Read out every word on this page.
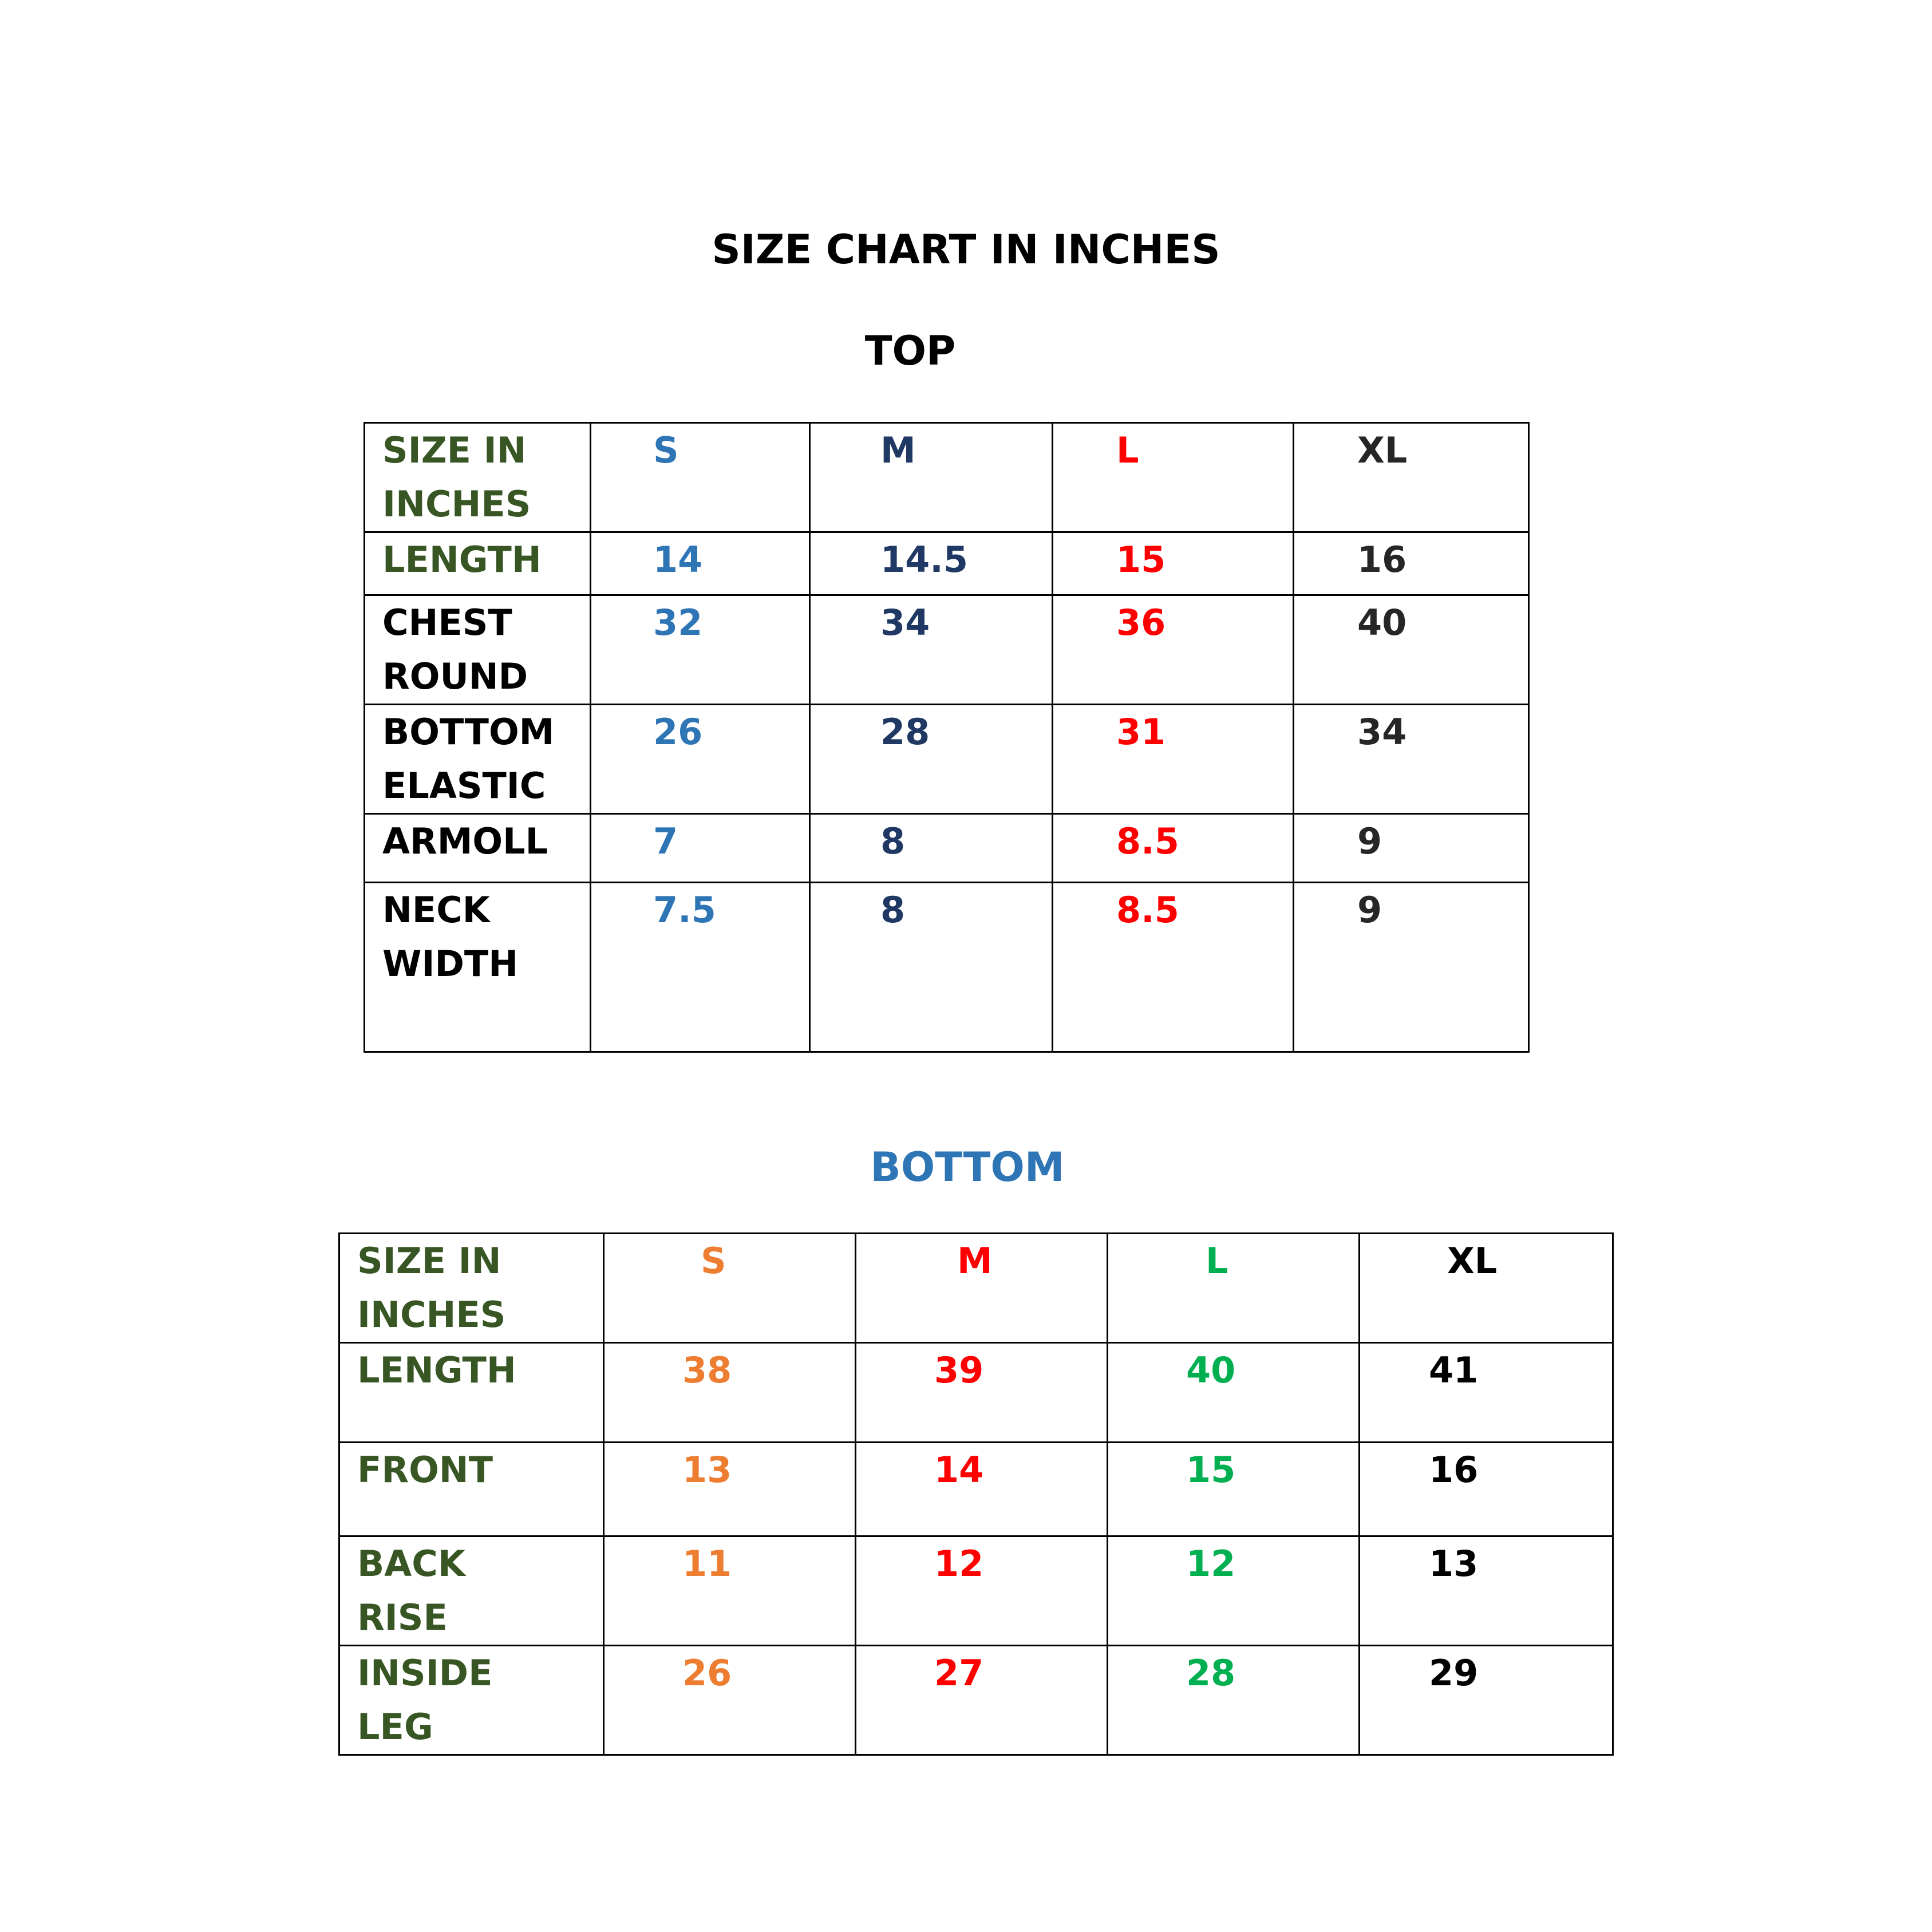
SIZE CHART IN INCHES
TOP
SIZE IN INCHES	S	M	L	XL

LENGTH	14	14.5	15	16

CHEST ROUND	32	34	36	40

BOTTOM ELASTIC	26	28	31	34

ARMOLL	7	8	8.5	9

NECK WIDTH	7.5	8	8.5	9
BOTTOM
SIZE IN INCHES	S	M	L	XL

LENGTH	38	39	40	41

FRONT	13	14	15	16

BACK RISE	11	12	12	13

INSIDE LEG	26	27	28	29
